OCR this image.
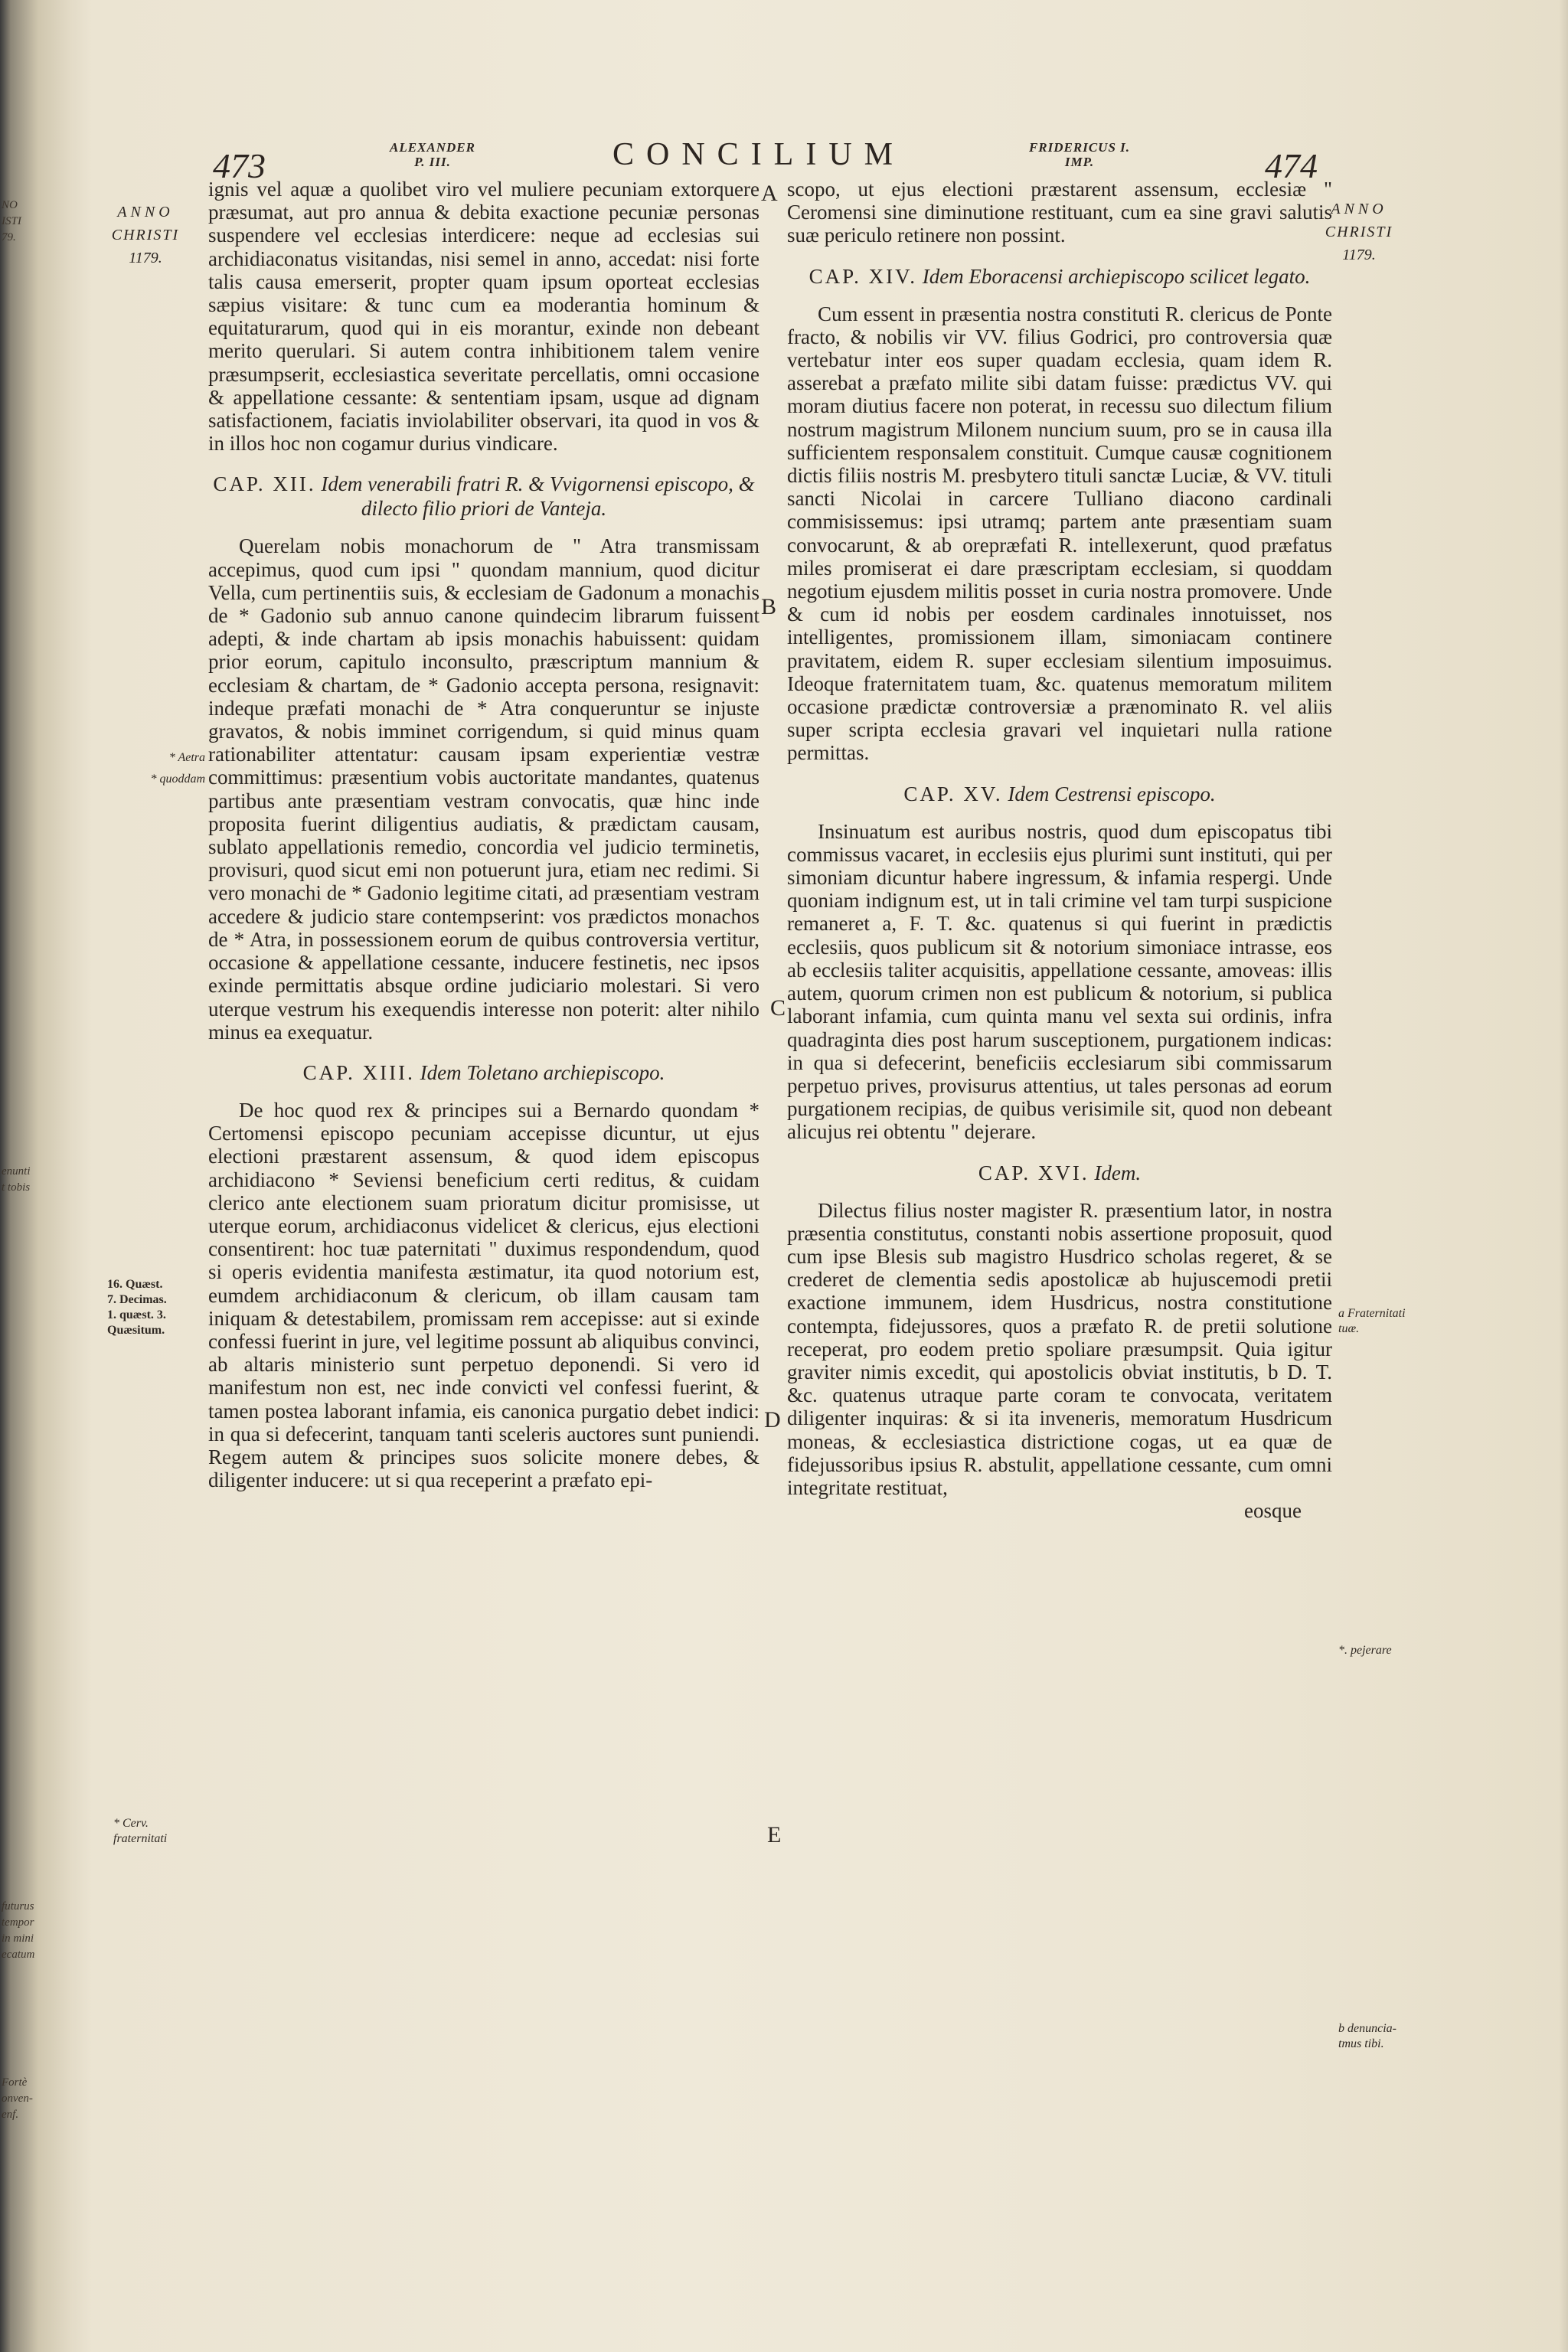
NO
ISTI
79.
enunti
t tobis
futurus
tempor
in mini
ecatum
Fortè
onven-
enf.
473	ALEXANDER
P. III.	CONCILIUM	FRIDERICUS I.
IMP.	474
ANNO
CHRISTI
1179.
ANNO
CHRISTI
1179.
A
B
C
D
E
* Aetra
* quoddam
16. Quæst.
7. Decimas.
1. quæst. 3.
Quæsitum.
* Cerv. fraternitati
a Fraternitati tuæ.
*. pejerare
b denuncia-
tmus tibi.

ignis vel aquæ a quolibet viro vel muliere pecuniam extorquere præsumat, aut pro annua & debita exactione pecuniæ personas suspendere vel ecclesias interdicere: neque ad ecclesias sui archidiaconatus visitandas, nisi semel in anno, accedat: nisi forte talis causa emerserit, propter quam ipsum oporteat ecclesias sæpius visitare: & tunc cum ea moderantia hominum & equitaturarum, quod qui in eis morantur, exinde non debeant merito querulari. Si autem contra inhibitionem talem venire præsumpserit, ecclesiastica severitate percellatis, omni occasione & appellatione cessante: & sententiam ipsam, usque ad dignam satisfactionem, faciatis inviolabiliter observari, ita quod in vos & in illos hoc non cogamur durius vindicare.

CAP. XII. Idem venerabili fratri R. & Vvigornensi episcopo, & dilecto filio priori de Vanteja.

Querelam nobis monachorum de " Atra transmissam accepimus, quod cum ipsi " quondam mannium, quod dicitur Vella, cum pertinentiis suis, & ecclesiam de Gadonum a monachis de * Gadonio sub annuo canone quindecim librarum fuissent adepti, & inde chartam ab ipsis monachis habuissent: quidam prior eorum, capitulo inconsulto, præscriptum mannium & ecclesiam & chartam, de * Gadonio accepta persona, resignavit: indeque præfati monachi de * Atra conqueruntur se injuste gravatos, & nobis imminet corrigendum, si quid minus quam rationabiliter attentatur: causam ipsam experientiæ vestræ committimus: præsentium vobis auctoritate mandantes, quatenus partibus ante præsentiam vestram convocatis, quæ hinc inde proposita fuerint diligentius audiatis, & prædictam causam, sublato appellationis remedio, concordia vel judicio terminetis, provisuri, quod sicut emi non potuerunt jura, etiam nec redimi. Si vero monachi de * Gadonio legitime citati, ad præsentiam vestram accedere & judicio stare contempserint: vos prædictos monachos de * Atra, in possessionem eorum de quibus controversia vertitur, occasione & appellatione cessante, inducere festinetis, nec ipsos exinde permittatis absque ordine judiciario molestari. Si vero uterque vestrum his exequendis interesse non poterit: alter nihilo minus ea exequatur.

CAP. XIII. Idem Toletano archiepiscopo.

De hoc quod rex & principes sui a Bernardo quondam * Certomensi episcopo pecuniam accepisse dicuntur, ut ejus electioni præstarent assensum, & quod idem episcopus archidiacono * Seviensi beneficium certi reditus, & cuidam clerico ante electionem suam prioratum dicitur promisisse, ut uterque eorum, archidiaconus videlicet & clericus, ejus electioni consentirent: hoc tuæ paternitati " duximus respondendum, quod si operis evidentia manifesta æstimatur, ita quod notorium est, eumdem archidiaconum & clericum, ob illam causam tam iniquam & detestabilem, promissam rem accepisse: aut si exinde confessi fuerint in jure, vel legitime possunt ab aliquibus convinci, ab altaris ministerio sunt perpetuo deponendi. Si vero id manifestum non est, nec inde convicti vel confessi fuerint, & tamen postea laborant infamia, eis canonica purgatio debet indici: in qua si defecerint, tanquam tanti sceleris auctores sunt puniendi. Regem autem & principes suos solicite monere debes, & diligenter inducere: ut si qua receperint a præfato epi-

scopo, ut ejus electioni præstarent assensum, ecclesiæ " Ceromensi sine diminutione restituant, cum ea sine gravi salutis suæ periculo retinere non possint.

CAP. XIV. Idem Eboracensi archiepiscopo scilicet legato.

Cum essent in præsentia nostra constituti R. clericus de Ponte fracto, & nobilis vir VV. filius Godrici, pro controversia quæ vertebatur inter eos super quadam ecclesia, quam idem R. asserebat a præfato milite sibi datam fuisse: prædictus VV. qui moram diutius facere non poterat, in recessu suo dilectum filium nostrum magistrum Milonem nuncium suum, pro se in causa illa sufficientem responsalem constituit. Cumque causæ cognitionem dictis filiis nostris M. presbytero tituli sanctæ Luciæ, & VV. tituli sancti Nicolai in carcere Tulliano diacono cardinali commisissemus: ipsi utramq; partem ante præsentiam suam convocarunt, & ab orepræfati R. intellexerunt, quod præfatus miles promiserat ei dare præscriptam ecclesiam, si quoddam negotium ejusdem militis posset in curia nostra promovere. Unde & cum id nobis per eosdem cardinales innotuisset, nos intelligentes, promissionem illam, simoniacam continere pravitatem, eidem R. super ecclesiam silentium imposuimus. Ideoque fraternitatem tuam, &c. quatenus memoratum militem occasione prædictæ controversiæ a prænominato R. vel aliis super scripta ecclesia gravari vel inquietari nulla ratione permittas.

CAP. XV. Idem Cestrensi episcopo.

Insinuatum est auribus nostris, quod dum episcopatus tibi commissus vacaret, in ecclesiis ejus plurimi sunt instituti, qui per simoniam dicuntur habere ingressum, & infamia respergi. Unde quoniam indignum est, ut in tali crimine vel tam turpi suspicione remaneret a, F. T. &c. quatenus si qui fuerint in prædictis ecclesiis, quos publicum sit & notorium simoniace intrasse, eos ab ecclesiis taliter acquisitis, appellatione cessante, amoveas: illis autem, quorum crimen non est publicum & notorium, si publica laborant infamia, cum quinta manu vel sexta sui ordinis, infra quadraginta dies post harum susceptionem, purgationem indicas: in qua si defecerint, beneficiis ecclesiarum sibi commissarum perpetuo prives, provisurus attentius, ut tales personas ad eorum purgationem recipias, de quibus verisimile sit, quod non debeant alicujus rei obtentu " dejerare.

CAP. XVI. Idem.

Dilectus filius noster magister R. præsentium lator, in nostra præsentia constitutus, constanti nobis assertione proposuit, quod cum ipse Blesis sub magistro Husdrico scholas regeret, & se crederet de clementia sedis apostolicæ ab hujuscemodi pretii exactione immunem, idem Husdricus, nostra constitutione contempta, fidejussores, quos a præfato R. de pretii solutione receperat, pro eodem pretio spoliare præsumpsit. Quia igitur graviter nimis excedit, qui apostolicis obviat institutis, b D. T. &c. quatenus utraque parte coram te convocata, veritatem diligenter inquiras: & si ita inveneris, memoratum Husdricum moneas, & ecclesiastica districtione cogas, ut ea quæ de fidejussoribus ipsius R. abstulit, appellatione cessante, cum omni integritate restituat,

eosque
